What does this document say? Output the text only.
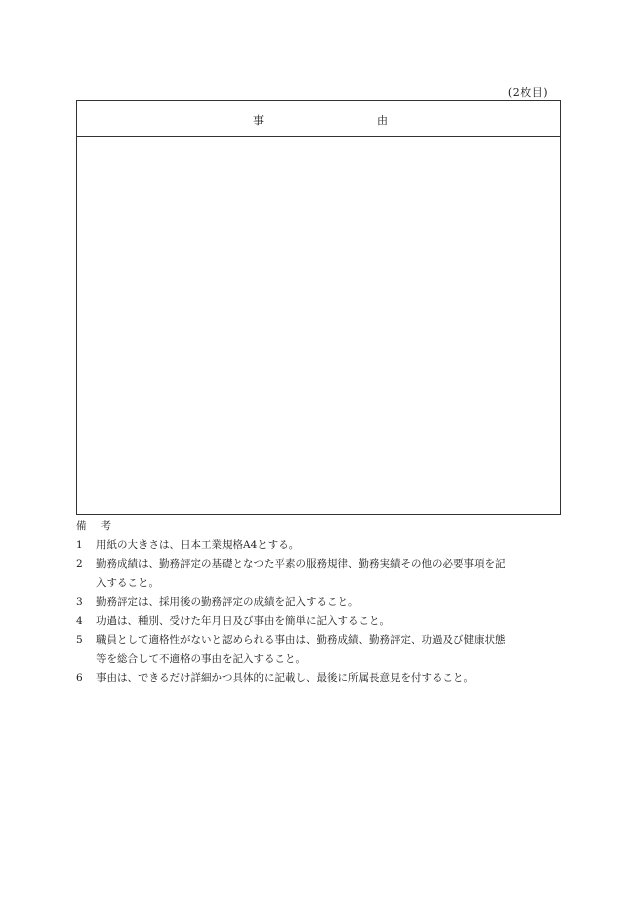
(2枚目)
事	由
備 考
1 用紙の大きさは、日本工業規格A4とする。
2 勤務成績は、勤務評定の基礎となつた平素の服務規律、勤務実績その他の必要事項を記
入すること。
3 勤務評定は、採用後の勤務評定の成績を記入すること。
4 功過は、種別、受けた年月日及び事由を簡単に記入すること。
5 職員として適格性がないと認められる事由は、勤務成績、勤務評定、功過及び健康状態
等を総合して不適格の事由を記入すること。
6 事由は、できるだけ詳細かつ具体的に記載し、最後に所属長意見を付すること。
